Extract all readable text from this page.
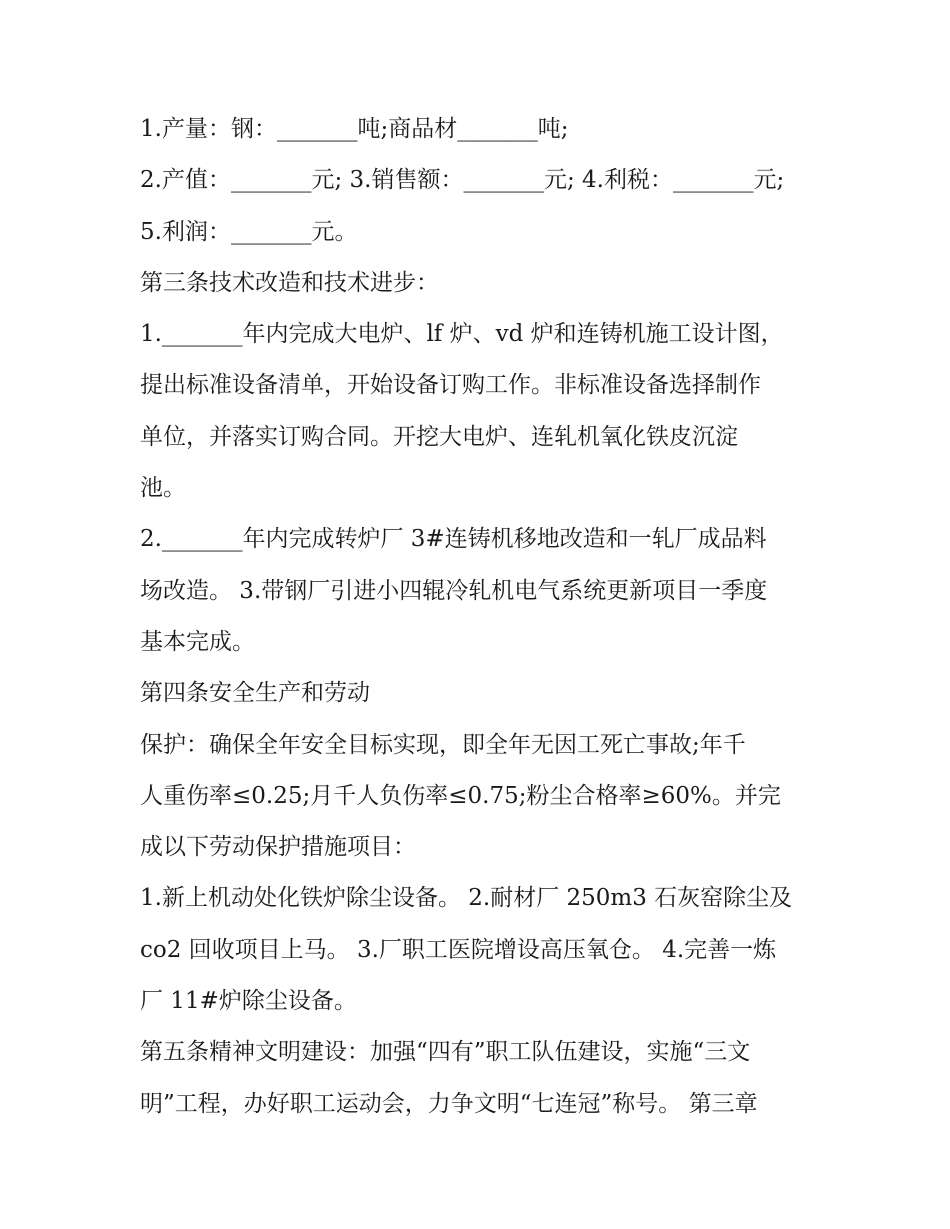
1.产量：钢：_______吨;商品材_______吨;
2.产值：_______元; 3.销售额：_______元; 4.利税：_______元;
5.利润：_______元。
第三条技术改造和技术进步：
1._______年内完成大电炉、lf 炉、vd 炉和连铸机施工设计图，
提出标准设备清单，开始设备订购工作。非标准设备选择制作
单位，并落实订购合同。开挖大电炉、连轧机氧化铁皮沉淀
池。
2._______年内完成转炉厂 3#连铸机移地改造和一轧厂成品料
场改造。 3.带钢厂引进小四辊冷轧机电气系统更新项目一季度
基本完成。
第四条安全生产和劳动
保护：确保全年安全目标实现，即全年无因工死亡事故;年千
人重伤率≤0.25;月千人负伤率≤0.75;粉尘合格率≥60%。并完
成以下劳动保护措施项目：
1.新上机动处化铁炉除尘设备。 2.耐材厂 250m3 石灰窑除尘及
co2 回收项目上马。 3.厂职工医院增设高压氧仓。 4.完善一炼
厂 11#炉除尘设备。
第五条精神文明建设：加强“四有”职工队伍建设，实施“三文
明”工程，办好职工运动会，力争文明“七连冠”称号。 第三章
